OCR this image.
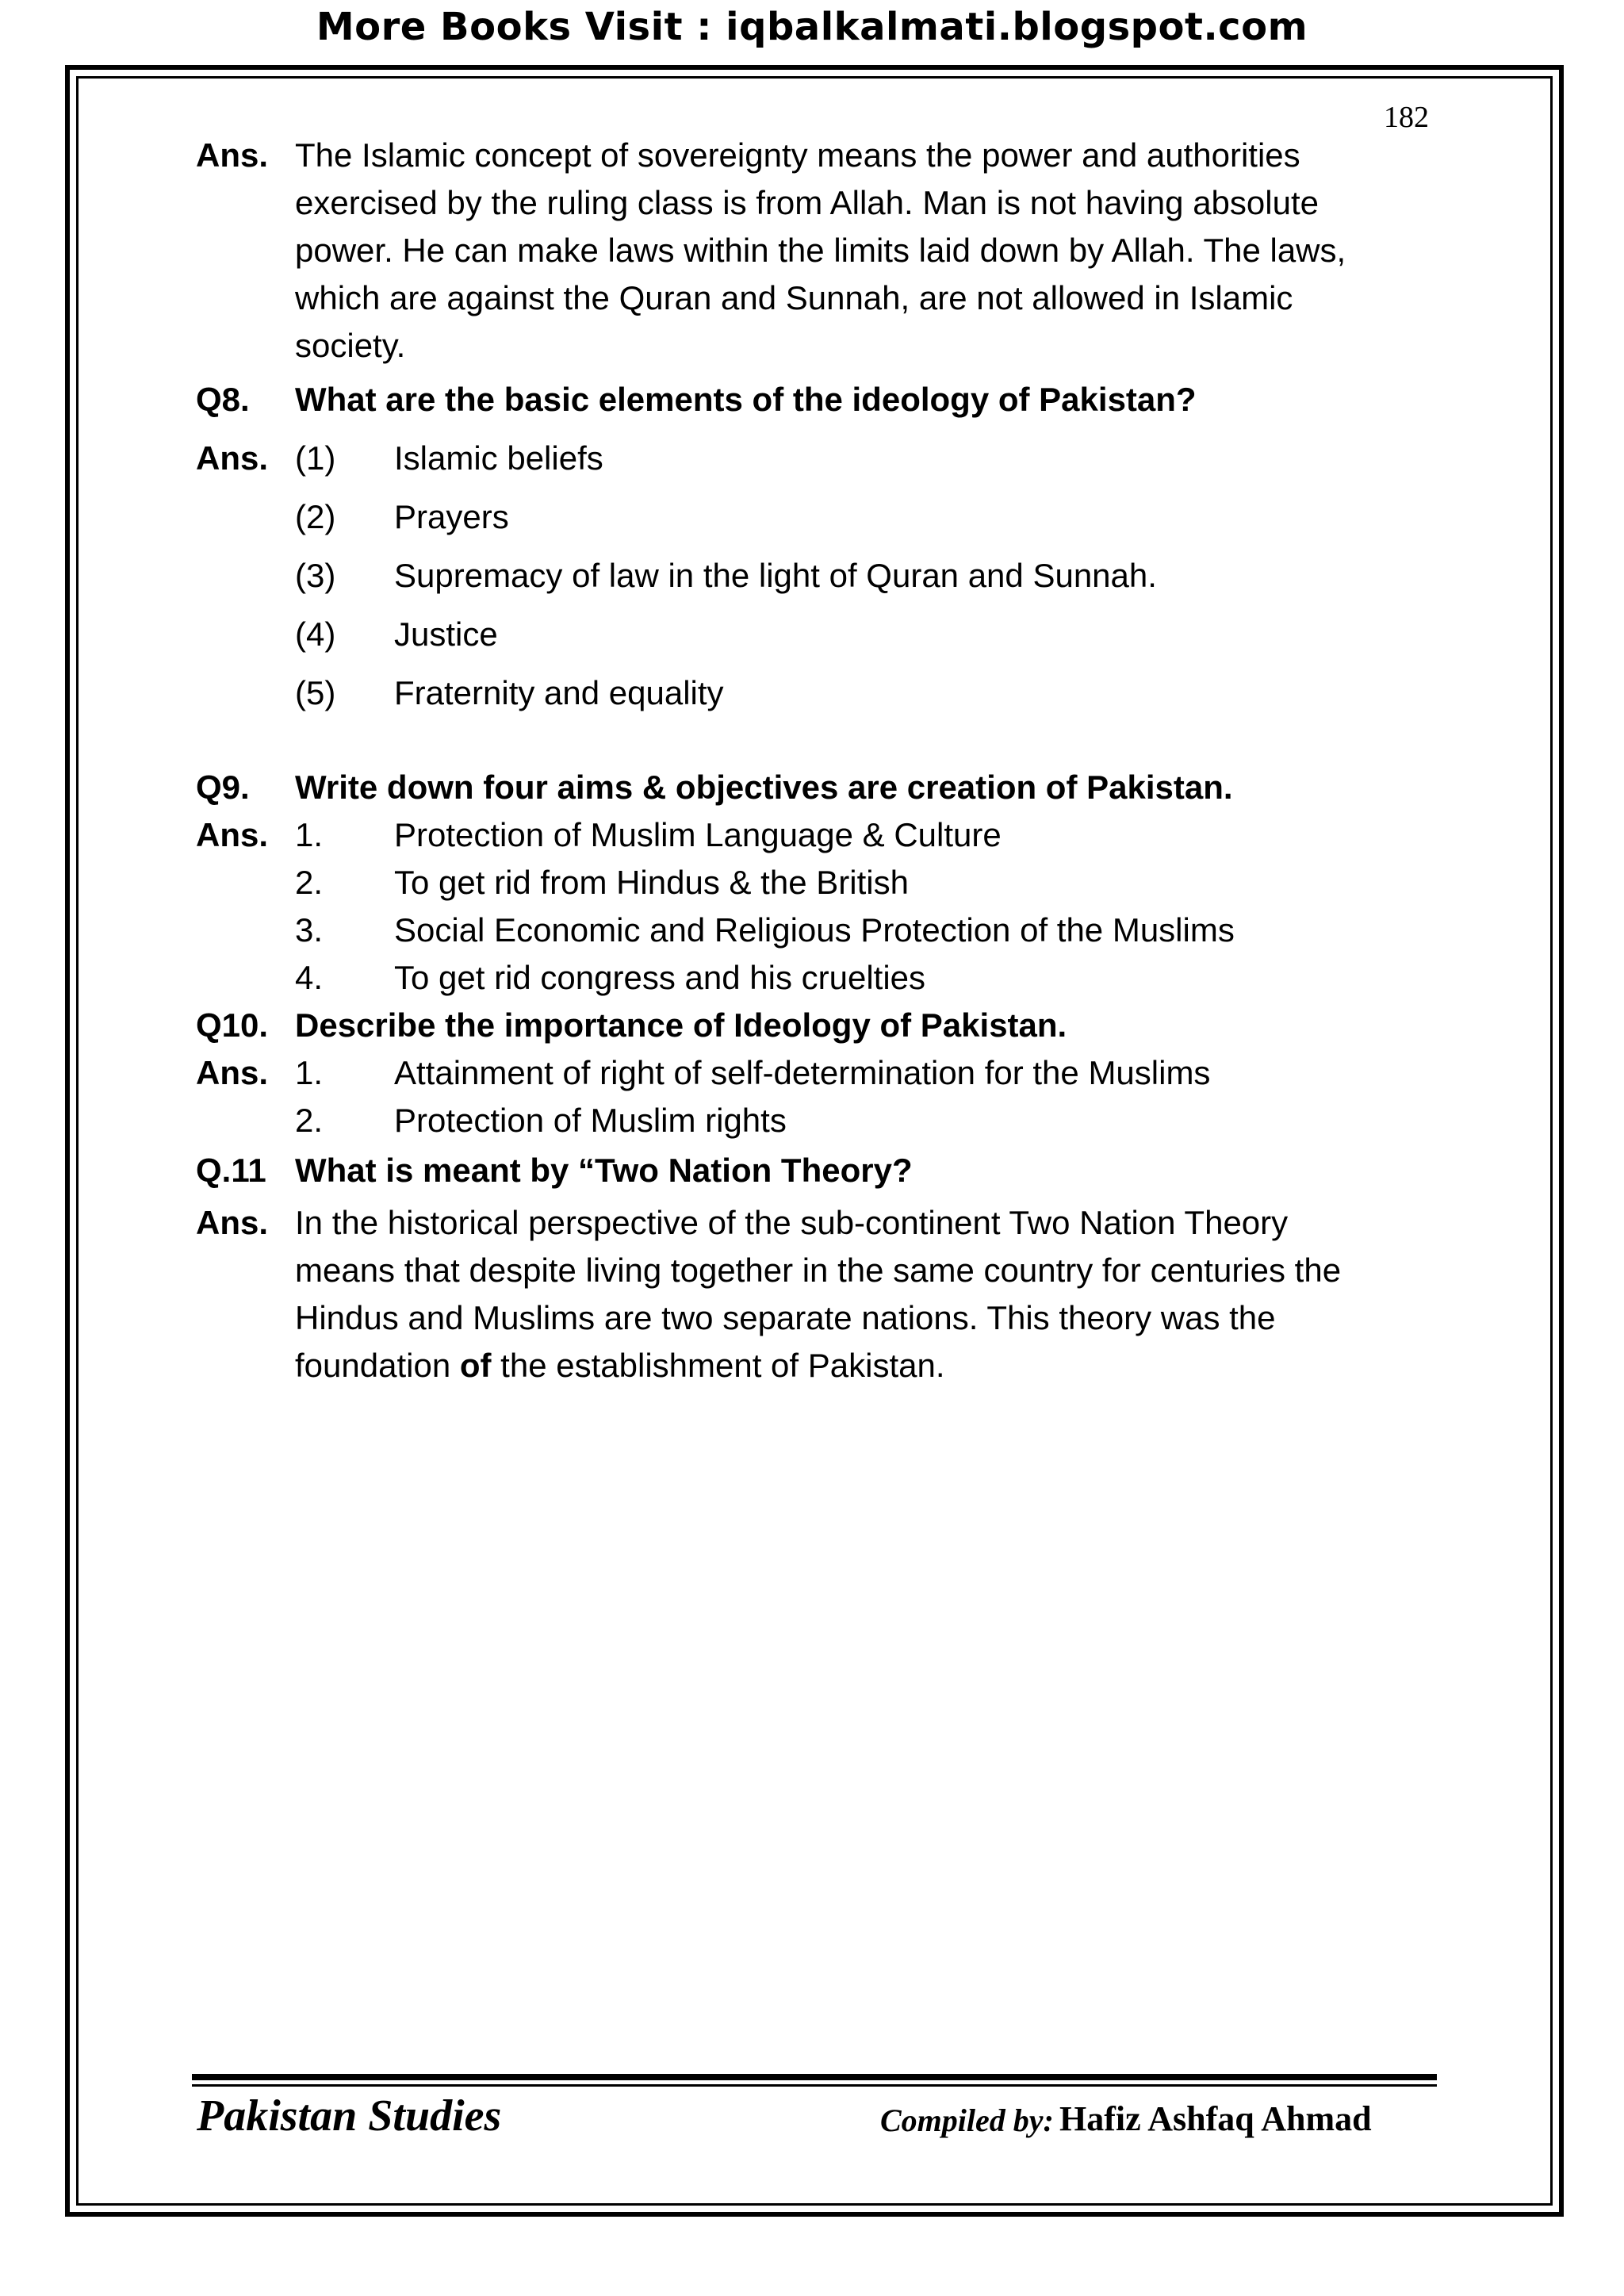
More Books Visit : iqbalkalmati.blogspot.com
182
Ans. The Islamic concept of sovereignty means the power and authorities
exercised by the ruling class is from Allah. Man is not having absolute
power. He can make laws within the limits laid down by Allah. The laws,
which are against the Quran and Sunnah, are not allowed in Islamic
society.
Q8. What are the basic elements of the ideology of Pakistan?
Ans. (1) Islamic beliefs
(2) Prayers
(3) Supremacy of law in the light of Quran and Sunnah.
(4) Justice
(5) Fraternity and equality
Q9. Write down four aims & objectives are creation of Pakistan.
Ans. 1. Protection of Muslim Language & Culture
2. To get rid from Hindus & the British
3. Social Economic and Religious Protection of the Muslims
4. To get rid congress and his cruelties
Q10. Describe the importance of Ideology of Pakistan.
Ans. 1. Attainment of right of self-determination for the Muslims
2. Protection of Muslim rights
Q.11 What is meant by “Two Nation Theory?
Ans. In the historical perspective of the sub-continent Two Nation Theory
means that despite living together in the same country for centuries the
Hindus and Muslims are two separate nations. This theory was the
foundation of the establishment of Pakistan.
Pakistan Studies	Compiled by: Hafiz Ashfaq Ahmad
